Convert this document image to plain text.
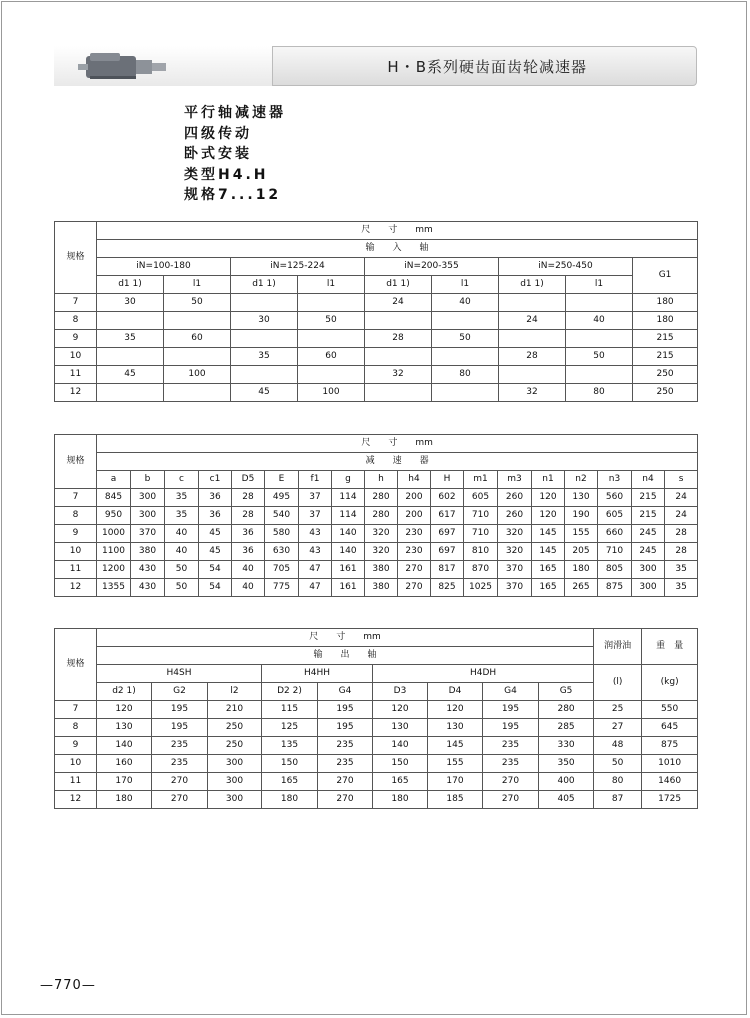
H・B系列硬齿面齿轮减速器
平行轴减速器
四级传动
卧式安装
类型H4.H
规格7...12
规格	尺　　寸　　mm								
	输　　入　　轴								
	iN=100-180		iN=125-224		iN=200-355		iN=250-450		G1
	d1 1)	l1	d1 1)	l1	d1 1)	l1	d1 1)	l1	
7	30	50			24	40			180
8			30	50			24	40	180
9	35	60			28	50			215
10			35	60			28	50	215
11	45	100			32	80			250
12			45	100			32	80	250
规格	尺　　寸　　mm																	
	减　　速　　器																	
	a	b	c	c1	D5	E	f1	g	h	h4	H	m1	m3	n1	n2	n3	n4	s
7	845	300	35	36	28	495	37	114	280	200	602	605	260	120	130	560	215	24
8	950	300	35	36	28	540	37	114	280	200	617	710	260	120	190	605	215	24
9	1000	370	40	45	36	580	43	140	320	230	697	710	320	145	155	660	245	28
10	1100	380	40	45	36	630	43	140	320	230	697	810	320	145	205	710	245	28
11	1200	430	50	54	40	705	47	161	380	270	817	870	370	165	180	805	300	35
12	1355	430	50	54	40	775	47	161	380	270	825	1025	370	165	265	875	300	35
规格	尺　　寸　　mm									润滑油	重　量
	输　　出　　轴										
	H4SH			H4HH		H4DH				(l)	(kg)
	d2 1)	G2	l2	D2 2)	G4	D3	D4	G4	G5		
7	120	195	210	115	195	120	120	195	280	25	550
8	130	195	250	125	195	130	130	195	285	27	645
9	140	235	250	135	235	140	145	235	330	48	875
10	160	235	300	150	235	150	155	235	350	50	1010
11	170	270	300	165	270	165	170	270	400	80	1460
12	180	270	300	180	270	180	185	270	405	87	1725
—770—
